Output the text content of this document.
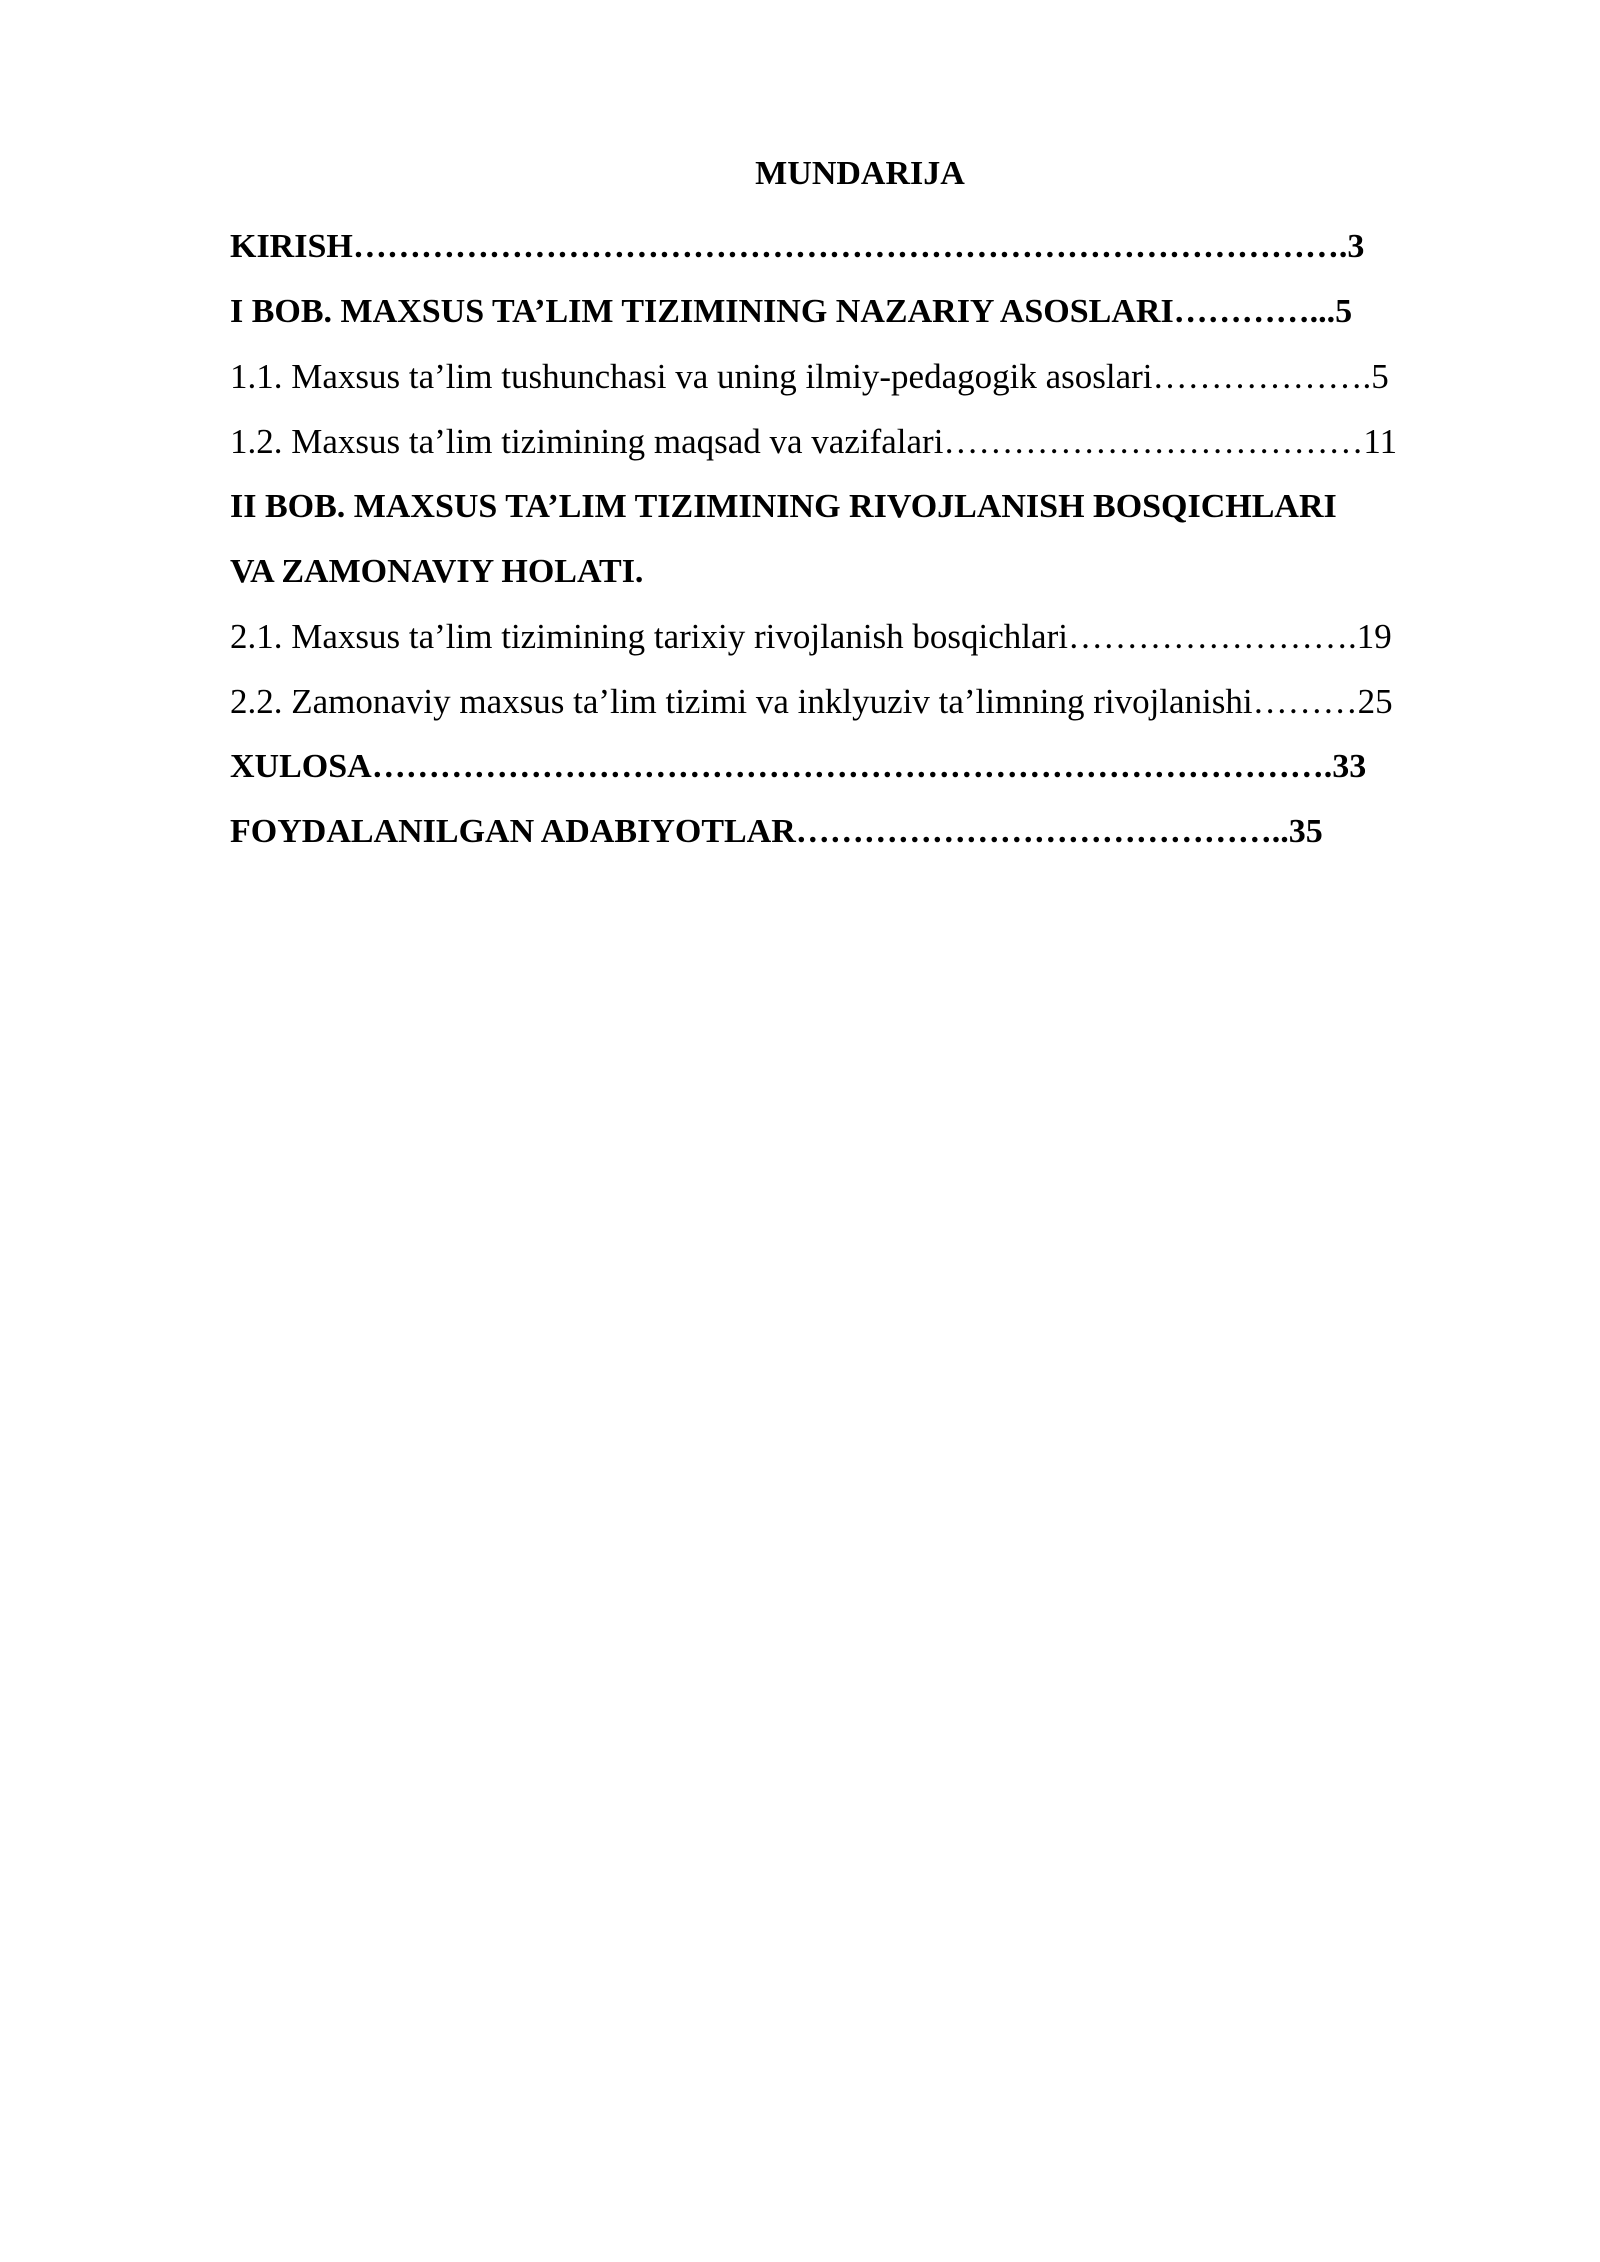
MUNDARIJA
KIRISH…………………………………………………………………………….3
I BOB. MAXSUS TA’LIM TIZIMINING NAZARIY ASOSLARI…………...5
1.1. Maxsus ta’lim tushunchasi va uning ilmiy-pedagogik asoslari……………….5
1.2. Maxsus ta’lim tizimining maqsad va vazifalari………………………………11
II BOB. MAXSUS TA’LIM TIZIMINING RIVOJLANISH BOSQICHLARI
VA ZAMONAVIY HOLATI.
2.1. Maxsus ta’lim tizimining tarixiy rivojlanish bosqichlari…………………….19
2.2. Zamonaviy maxsus ta’lim tizimi va inklyuziv ta’limning rivojlanishi………25
XULOSA………………………………………………………………………….33
FOYDALANILGAN ADABIYOTLAR……………………………………..35
